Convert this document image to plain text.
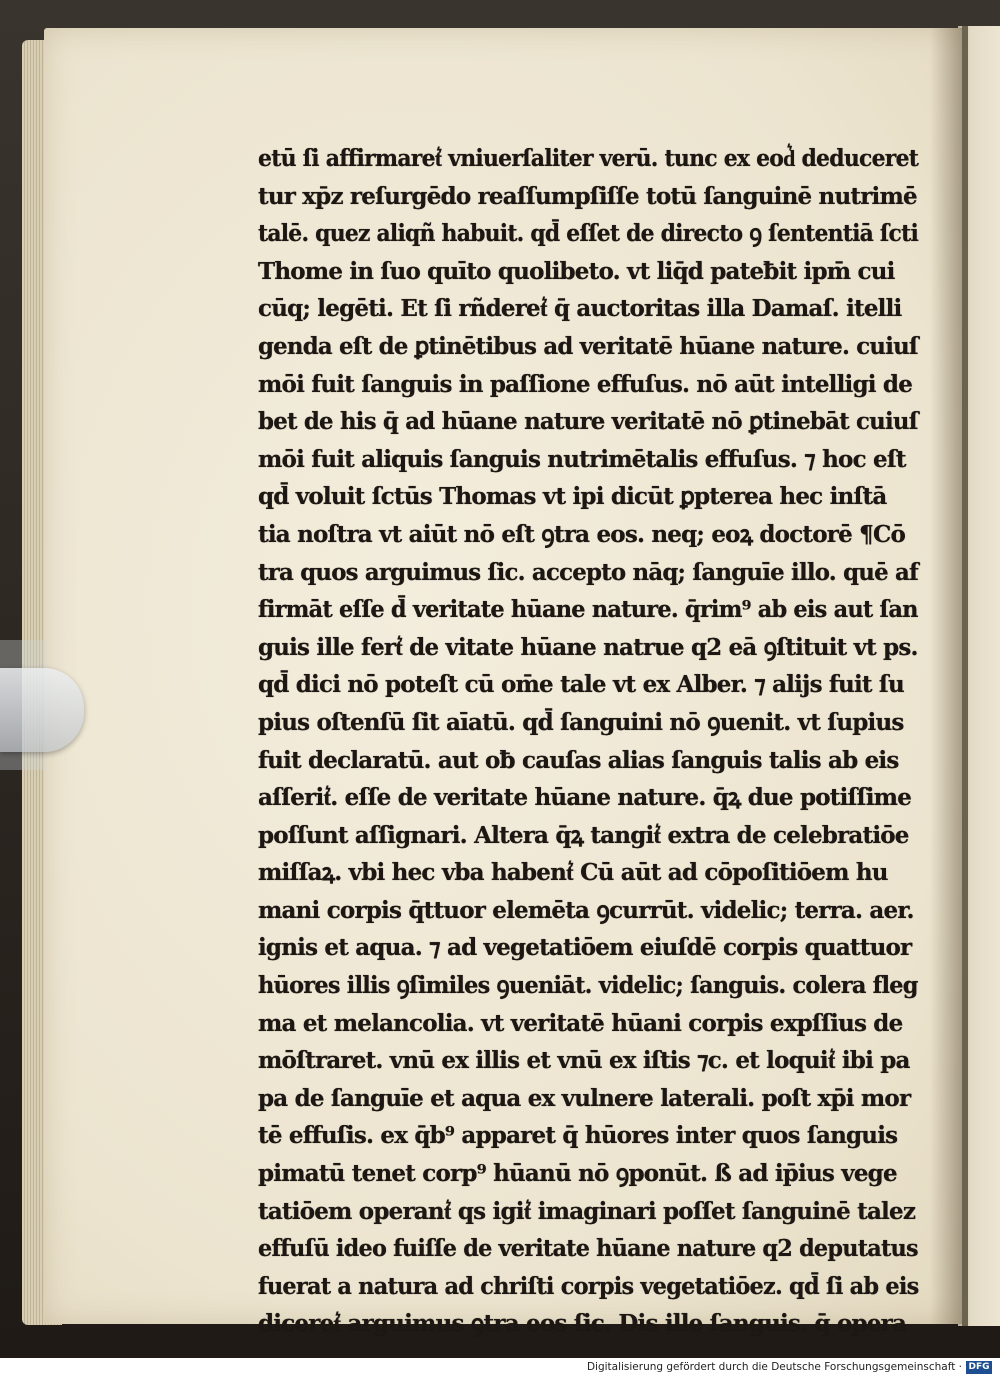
etū ſi affirmaret͛ vniuerſaliter verū. tunc ex eod͛ deduceret
tur xp̄z reſurgēdo reaſſumpſiſſe totū ſanguinē nutrimē
talē. quez aliqñ habuit. qd̄ eſſet de directo ꝯ ſententiā ſcti
Thome in ſuo quīto quolibeto. vt liq̄d pateƀit ipm̄ cui
cūq; legēti. Et ſi rñderet͛ q̄ auctoritas illa Damaſ. itelli
genda eſt de ꝑtinētibus ad veritatē hūane nature. cuiuſ
mōi fuit ſanguis in paſſione effuſus. nō aūt intelligi de
bet de his q̄ ad hūane nature veritatē nō ꝑtinebāt cuiuſ
mōi fuit aliquis ſanguis nutrimētalis effuſus. ⁊ hoc eſt
qd̄ voluit ſctūs Thomas vt ipi dicūt ꝑpterea hec inſtā
tia noſtra vt aiūt nō eſt ꝯtra eos. neq; eoꝝ doctorē ¶Cō
tra quos arguimus ſic. accepto nāq; ſanguīe illo. quē af
firmāt eſſe d̄ veritate hūane nature. q̄rim⁹ ab eis aut ſan
guis ille fert͛ de vitate hūane natrue q2 eā ꝯſtituit vt ps.
qd̄ dici nō poteſt cū om̄e tale vt ex Alber. ⁊ alijs fuit ſu
pius oſtenſū ſit aīatū. qd̄ ſanguini nō ꝯuenit. vt ſupius
fuit declaratū. aut oƀ cauſas alias ſanguis talis ab eis
aſſerit͛. eſſe de veritate hūane nature. q̄ꝝ due potiſſime
poſſunt aſſignari. Altera q̄ꝝ tangit͛ extra de celebratiōe
miſſaꝝ. vbi hec vba habent͛ Cū aūt ad cōpoſitiōem hu
mani corpis q̄ttuor elemēta ꝯcurrūt. videlic; terra. aer.
ignis et aqua. ⁊ ad vegetatiōem eiuſdē corpis quattuor
hūores illis ꝯſimiles ꝯueniāt. videlic; ſanguis. colera fleg
ma et melancolia. vt veritatē hūani corpis expſſius de
mōſtraret. vnū ex illis et vnū ex iſtis ⁊c. et loquit͛ ibi pa
pa de ſanguīe et aqua ex vulnere laterali. poſt xp̄i mor
tē effuſis. ex q̄b⁹ apparet q̄ hūores inter quos ſanguis
pimatū tenet corp⁹ hūanū nō ꝯponūt. ß ad ip̄ius vege
tatiōem operant͛ qs igit͛ imaginari poſſet ſanguinē talez
effuſū ideo fuiſſe de veritate hūane nature q2 deputatus
fuerat a natura ad chriſti corpis vegetatiōez. qd̄ ſi ab eis
diceret͛ arguimus ꝯtra eos ſic. Dis ille ſanguis. q̄ opera
Digitalisierung gefördert durch die Deutsche Forschungsgemeinschaft · DFG
